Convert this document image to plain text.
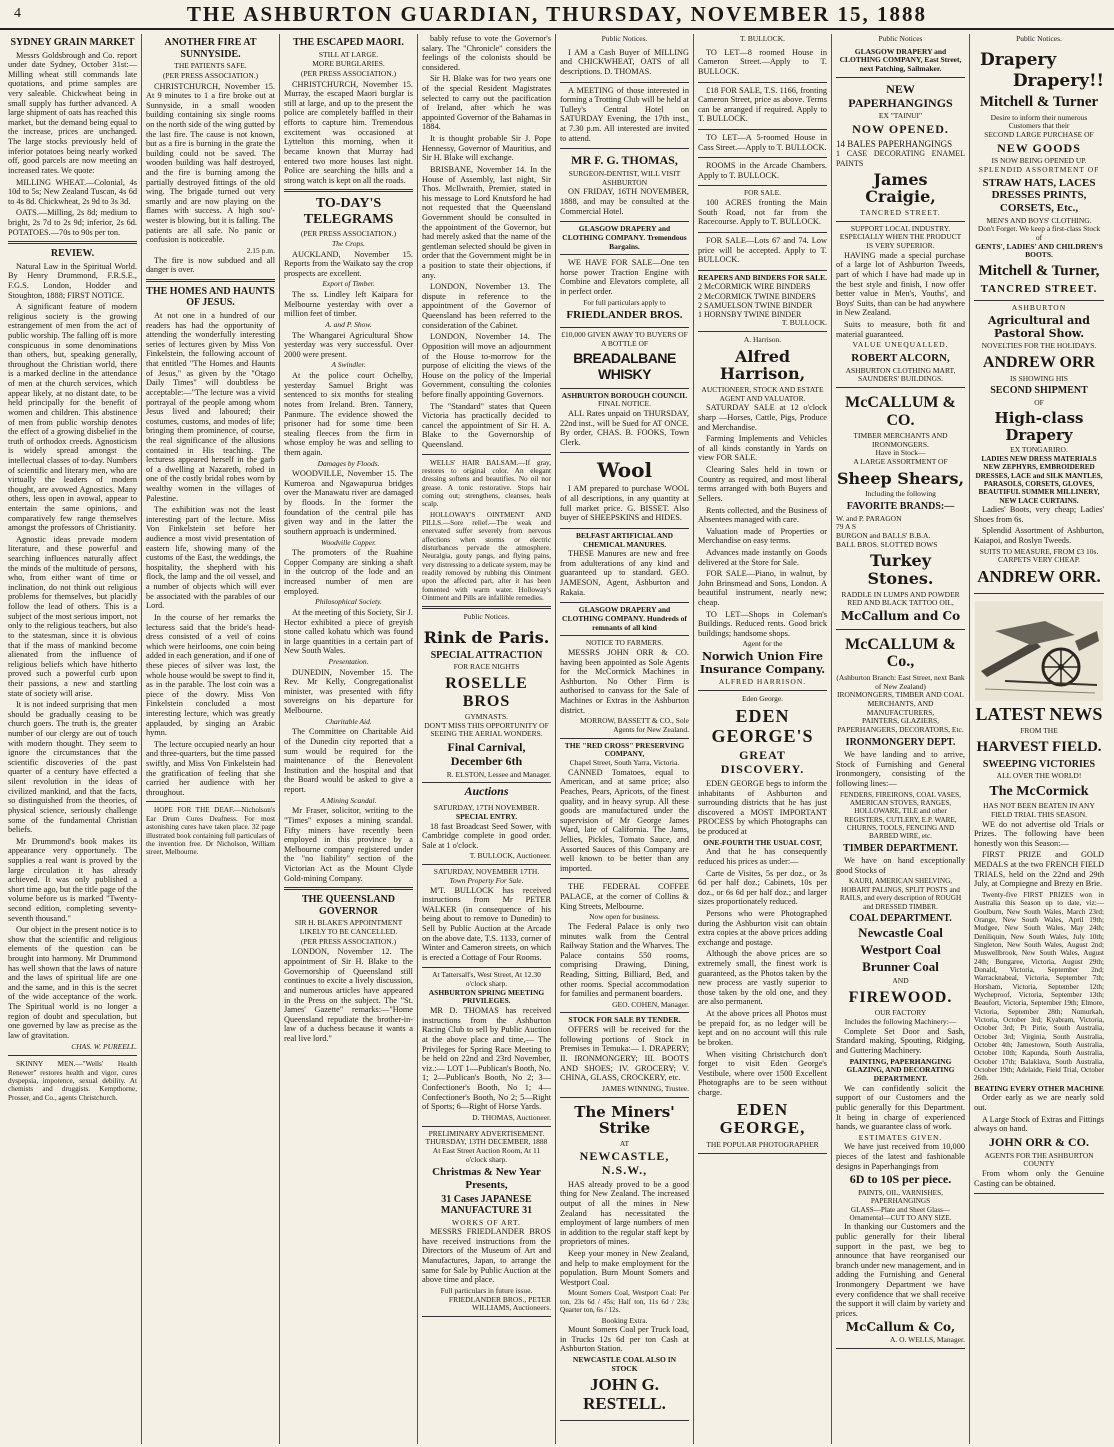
4	THE ASHBURTON GUARDIAN, THURSDAY, NOVEMBER 15, 1888
SYDNEY GRAIN MARKET

Messrs Goldsbrough and Co. report under date Sydney, October 31st:— Milling wheat still commands late quotations, and prime samples are very saleable. Chickwheat being in small supply has further advanced. A large shipment of oats has reached this market, but the demand being equal to the increase, prices are unchanged. The large stocks previously held of inferior potatoes being nearly worked off, good parcels are now meeting an increased rates. We quote:

MILLING WHEAT.—Colonial, 4s 10d to 5s; New Zealand Tuscan, 4s 6d to 4s 8d. Chickwheat, 2s 9d to 3s 3d.

OATS.—Milling, 2s 8d; medium to bright, 2s 7d to 2s 9d; inferior, 2s 6d. POTATOES.—70s to 90s per ton.

REVIEW.

Natural Law in the Spiritual World. By Henry Drummond, F.R.S.E., F.G.S. London, Hodder and Stoughton, 1888; FIRST NOTICE.

A significant feature of modern religious society is the growing estrangement of men from the act of public worship. The falling off is more conspicuous in some denominations than others, but, speaking generally, throughout the Christian world, there is a marked decline in the attendance of men at the church services, which appear likely, at no distant date, to be held principally for the benefit of women and children. This abstinence of men from public worship denotes the effect of a growing disbelief in the truth of orthodox creeds. Agnosticism is widely spread amongst the intellectual classes of to-day. Numbers of scientific and literary men, who are virtually the leaders of modern thought, are avowed Agnostics. Many others, less open in avowal, appear to entertain the same opinions, and comparatively few range themselves amongst the professors of Christianity.

Agnostic ideas prevade modern literature, and these powerful and searching influences naturally affect the minds of the multitude of persons, who, from either want of time or inclination, do not think out religious problems for themselves, but placidly follow the lead of others. This is a subject of the most serious import, not only to the religious teachers, but also to the statesman, since it is obvious that if the mass of mankind become alienated from the influence of religious beliefs which have hitherto proved such a powerful curb upon their passions, a new and startling state of society will arise.

It is not indeed surprising that men should be gradually ceasing to be church goers. The truth is, the greater number of our clergy are out of touch with modern thought. They seem to ignore the circumstances that the scientific discoveries of the past quarter of a century have effected a silent revolution in the ideas of civilized mankind, and that the facts, so distinguished from the theories, of physical science, seriously challenge some of the fundamental Christian beliefs.

Mr Drummond's book makes its appearance very opportunely. The supplies a real want is proved by the large circulation it has already achieved. It was only published a short time ago, but the title page of the volume before us is marked "Twenty-second edition, completing seventy-seventh thousand."

Our object in the present notice is to show that the scientific and religious elements of the question can be brought into harmony. Mr Drummond has well shown that the laws of nature and the laws of spiritual life are one and the same, and in this is the secret of the wide acceptance of the work. The Spiritual world is no longer a region of doubt and speculation, but one governed by law as precise as the law of gravitation.

CHAS. W. PUREELL.

SKINNY MEN.—"Wells' Health Renewer" restores health and vigor, cures dyspepsia, impotence, sexual debility. At chemists and druggists. Kempthorne, Prosser, and Co., agents Christchurch.

ANOTHER FIRE AT SUNNYSIDE.
THE PATIENTS SAFE.
(PER PRESS ASSOCIATION.)

CHRISTCHURCH, November 15. At 9 minutes to 1 a fire broke out at Sunnyside, in a small wooden building containing six single rooms on the north side of the wing gutted by the last fire. The cause is not known, but as a fire is burning in the grate the building could not be saved. The wooden building was half destroyed, and the fire is burning among the partially destroyed fittings of the old wing. The brigade turned out very smartly and are now playing on the flames with success. A high sou'-wester is blowing, but it is falling. The patients are all safe. No panic or confusion is noticeable.

2.15 p.m.

The fire is now subdued and all danger is over.

THE HOMES AND HAUNTS OF JESUS.

At not one in a hundred of our readers has had the opportunity of attending the wonderfully interesting series of lectures given by Miss Von Finkelstein, the following account of that entitled "The Homes and Haunts of Jesus," as given by the "Otago Daily Times" will doubtless be acceptable:—"The lecture was a vivid portrayal of the people among whom Jesus lived and laboured; their costumes, customs, and modes of life; bringing them prominence, of course, the real significance of the allusions contained in His teaching. The lecturess appeared herself in the garb of a dwelling at Nazareth, robed in one of the costly bridal robes worn by wealthy women in the villages of Palestine.

The exhibition was not the least interesting part of the lecture. Miss Von Finkelstein set before her audience a most vivid presentation of eastern life, showing many of the customs of the East, the weddings, the hospitality, the shepherd with his flock, the lamp and the oil vessel, and a number of objects which will ever be associated with the parables of our Lord.

In the course of her remarks the lecturess said that the bride's head-dress consisted of a veil of coins which were heirlooms, one coin being added in each generation, and if one of these pieces of silver was lost, the whole house would be swept to find it, as in the parable. The lost coin was a piece of the dowry. Miss Von Finkelstein concluded a most interesting lecture, which was greatly applauded, by singing an Arabic hymn.

The lecture occupied nearly an hour and three-quarters, but the time passed swiftly, and Miss Von Finkelstein had the gratification of feeling that she carried her audience with her throughout.

HOPE FOR THE DEAF.—Nicholson's Ear Drum Cures Deafness. For most astonishing cures have taken place. 32 page illustrated book containing full particulars of the invention free. Dr Nicholson, William street, Melbourne.

THE ESCAPED MAORI.
STILL AT LARGE.
MORE BURGLARIES.
(PER PRESS ASSOCIATION.)

CHRISTCHURCH, November 15. Murray, the escaped Maori burglar is still at large, and up to the present the police are completely baffled in their efforts to capture him. Tremendous excitement was occasioned at Lyttelton this morning, when it became known that Murray had entered two more houses last night. Police are searching the hills and a strong watch is kept on all the roads.

TO-DAY'S TELEGRAMS
(PER PRESS ASSOCIATION.)
The Crops.

AUCKLAND, November 15. Reports from the Waikato say the crop prospects are excellent.

Export of Timber.

The ss. Lindley left Kaipara for Melbourne yesterday with over a million feet of timber.

A. and P. Show.

The Whangarei Agricultural Show yesterday was very successful. Over 2000 were present.

A Swindler.

At the police court Ochelby, yesterday Samuel Bright was sentenced to six months for stealing notes from Ireland. Bren. Tannery, Panmure. The evidence showed the prisoner had for some time been stealing fleeces from the firm in whose employ he was and selling to them again.

Damages by Floods.

WOODVILLE, November 15. The Kumeroa and Ngawapurua bridges over the Manawatu river are damaged by floods. In the former the foundation of the central pile has given way and in the latter the southern approach is undermined.

Woodville Copper.

The promoters of the Ruahine Copper Company are sinking a shaft in the outcrop of the lode and an increased number of men are employed.

Philosophical Society.

At the meeting of this Society, Sir J. Hector exhibited a piece of greyish stone called kohatu which was found in large quantities in a certain part of New South Wales.

Presentation.

DUNEDIN, November 15. The Rev. Mr Kelly, Congregationalist minister, was presented with fifty sovereigns on his departure for Melbourne.

Charitable Aid.

The Committee on Charitable Aid of the Dunedin city reported that a sum would be required for the maintenance of the Benevolent Institution and the hospital and that the Board would be asked to give a report.

A Mining Scandal.

Mr Fraser, solicitor, writing to the "Times" exposes a mining scandal. Fifty miners have recently been employed in this province by a Melbourne company registered under the "no liability" section of the Victorian Act as the Mount Clyde Gold-mining Company.

THE QUEENSLAND GOVERNOR
SIR H. BLAKE'S APPOINTMENT LIKELY TO BE CANCELLED.
(PER PRESS ASSOCIATION.)

LONDON, November 12. The appointment of Sir H. Blake to the Governorship of Queensland still continues to excite a lively discussion, and numerous articles have appeared in the Press on the subject. The "St. James' Gazette" remarks:—"Home Queensland repudiate the brother-in-law of a duchess because it wants a real live lord."

bably refuse to vote the Governor's salary. The "Chronicle" considers the feelings of the colonists should be considered.

Sir H. Blake was for two years one of the special Resident Magistrates selected to carry out the pacification of Ireland, after which he was appointed Governor of the Bahamas in 1884.

It is thought probable Sir J. Pope Hennessy, Governor of Mauritius, and Sir H. Blake will exchange.

BRISBANE, November 14. In the House of Assembly, last night, Sir Thos. McIlwraith, Premier, stated in his message to Lord Knutsford he had not requested that the Queensland Government should be consulted in the appointment of the Governor, but had merely asked that the name of the gentleman selected should be given in order that the Government might be in a position to state their objections, if any.

LONDON, November 13. The dispute in reference to the appointment of the Governor of Queensland has been referred to the consideration of the Cabinet.

LONDON, November 14. The Opposition will move an adjournment of the House to-morrow for the purpose of eliciting the views of the House on the policy of the Imperial Government, consulting the colonies before finally appointing Governors.

The "Standard" states that Queen Victoria has practically decided to cancel the appointment of Sir H. A. Blake to the Governorship of Queensland.

WELLS' HAIR BALSAM.—If gray, restores to original color. An elegant dressing softens and beautifies. No oil nor grease. A tonic restorative. Stops hair coming out; strengthens, cleanses, heals scalp.

HOLLOWAY'S OINTMENT AND PILLS.—Sore relief.—The weak and enervated suffer severely from nervous affections when storms or electric disturbances pervade the atmosphere. Neuralgia, gouty pangs, and flying pains, very distressing to a delicate system, may be readily removed by rubbing this Ointment upon the affected part, after it has been fomented with warm water. Holloway's Ointment and Pills are infallible remedies.

Public Notices.
Rink de Paris.
SPECIAL ATTRACTION
FOR RACE NIGHTS
ROSELLE BROS
GYMNASTS.
DON'T MISS THIS OPPORTUNITY OF SEEING THE AERIAL WONDERS.
Final Carnival, December 6th
R. ELSTON, Lessee and Manager.
Auctions
SATURDAY, 17TH NOVEMBER.
SPECIAL ENTRY.

18 fast Broadcast Seed Sower, with Cambridge complete in good order. Sale at 1 o'clock.

T. BULLOCK, Auctioneer.
SATURDAY, NOVEMBER 17TH.
Town Property For Sale.

M'T. BULLOCK has received instructions from Mr PETER WALKER (in consequence of his being about to remove to Dunedin) to Sell by Public Auction at the Arcade on the above date, T.S. 1133, corner of Winter and Cameron streets, on which is erected a Cottage of Four Rooms.

At Tattersall's, West Street, At 12.30 o'clock sharp.
ASHBURTON SPRING MEETING PRIVILEGES.

MR D. THOMAS has received instructions from the Ashburton Racing Club to sell by Public Auction at the above place and time,— The Privileges for Spring Race Meeting to be held on 22nd and 23rd November, viz.:— LOT 1—Publican's Booth, No. 1; 2—Publican's Booth, No 2; 3—Confectioner's Booth, No 1; 4—Confectioner's Booth, No 2; 5—Right of Sports; 6—Right of Horse Yards.

D. THOMAS, Auctioneer.
PRELIMINARY ADVERTISEMENT.
THURSDAY, 13TH DECEMBER, 1888
At East Street Auction Room, At 11 o'clock sharp.
Christmas & New Year Presents,
31 Cases JAPANESE MANUFACTURE 31
WORKS OF ART.

MESSRS FRIEDLANDER BROS have received instructions from the Directors of the Museum of Art and Manufactures, Japan, to arrange the same for Sale by Public Auction at the above time and place.

Full particulars in future issue.
FRIEDLANDER BROS., PETER WILLIAMS, Auctioneers.
Public Notices.

I AM a Cash Buyer of MILLING and CHICKWHEAT, OATS of all descriptions. D. THOMAS.

A MEETING of those interested in forming a Trotting Club will be held at Tulley's Central Hotel on SATURDAY Evening, the 17th inst., at 7.30 p.m. All interested are invited to attend.

MR F. G. THOMAS,
SURGEON-DENTIST, WILL VISIT ASHBURTON

ON FRIDAY, 16TH NOVEMBER, 1888, and may be consulted at the Commercial Hotel.

GLASGOW DRAPERY and CLOTHING COMPANY. Tremendous Bargains.

WE HAVE FOR SALE—One ten horse power Traction Engine with Combine and Elevators complete, all in perfect order.

For full particulars apply to
FRIEDLANDER BROS.
£10,000 GIVEN AWAY TO BUYERS OF A BOTTLE OF
BREADALBANE WHISKY
ASHBURTON BOROUGH COUNCIL
FINAL NOTICE.

ALL Rates unpaid on THURSDAY, 22nd inst., will be Sued for AT ONCE. By order, CHAS. B. FOOKS, Town Clerk.

Wool

I AM prepared to purchase WOOL of all descriptions, in any quantity at full market price. G. BISSET. Also buyer of SHEEPSKINS and HIDES.

BELFAST ARTIFICIAL AND CHEMICAL MANURES.

THESE Manures are new and free from adulterations of any kind and guaranteed up to standard. GEO. JAMESON, Agent, Ashburton and Rakaia.

GLASGOW DRAPERY and CLOTHING COMPANY. Hundreds of remnants of all kind
NOTICE TO FARMERS.

MESSRS JOHN ORR & CO. having been appointed as Sole Agents for the McCormick Machines in Ashburton. No Other Firm is authorised to canvass for the Sale of Machines or Extras in the Ashburton district.

MORROW, BASSETT & CO., Sole Agents for New Zealand.
THE "RED CROSS" PRESERVING COMPANY,
Chapel Street, South Yarra, Victoria.

CANNED Tomatoes, equal to American, and at same price; also Peaches, Pears, Apricots, of the finest quality, and in heavy syrup. All these goods are manufactured under the supervision of Mr George James Ward, late of California. The Jams, Jellies, Pickles, Tomato Sauce, and Assorted Sauces of this Company are well known to be better than any imported.

THE FEDERAL COFFEE PALACE, at the corner of Collins & King Streets, Melbourne.

Now open for business.

The Federal Palace is only two minutes walk from the Central Railway Station and the Wharves. The Palace contains 550 rooms, comprising Drawing, Dining, Reading, Sitting, Billiard, Bed, and other rooms. Special accommodation for families and permanent boarders.

GEO. COHEN, Manager.
STOCK FOR SALE BY TENDER.

OFFERS will be received for the following portions of Stock in Premises in Temuka:— I. DRAPERY; II. IRONMONGERY; III. BOOTS AND SHOES; IV. GROCERY; V. CHINA, GLASS, CROCKERY, etc.

JAMES WINNING, Trustee.
The Miners' Strike
AT
NEWCASTLE, N.S.W.,

HAS already proved to be a good thing for New Zealand. The increased output of all the mines in New Zealand has necessitated the employment of large numbers of men in addition to the regular staff kept by proprietors of mines.

Keep your money in New Zealand, and help to make employment for the population. Burn Mount Somers and Westport Coal.

Mount Somers Coal, Westport Coal: Per ton, 23s 6d / 45s; Half ton, 11s 6d / 23s; Quarter ton, 6s / 12s.

Booking Extra.

Mount Somers Coal per Truck load, in Trucks 12s 6d per ton Cash at Ashburton Station.

NEWCASTLE COAL ALSO IN STOCK
JOHN G. RESTELL.
T. BULLOCK.

TO LET—8 roomed House in Cameron Street.—Apply to T. BULLOCK.

£18 FOR SALE, T.S. 1166, fronting Cameron Street, price as above. Terms can be arranged if required. Apply to T. BULLOCK.

TO LET—A 5-roomed House in Cass Street.—Apply to T. BULLOCK.

ROOMS in the Arcade Chambers. Apply to T. BULLOCK.

FOR SALE.

100 ACRES fronting the Main South Road, not far from the Racecourse. Apply to T. BULLOCK.

FOR SALE—Lots 67 and 74. Low price will be accepted. Apply to T. BULLOCK.

REAPERS AND BINDERS FOR SALE.
2 McCORMICK WIRE BINDERS
2 McCORMICK TWINE BINDERS
2 SAMUELSON TWINE BINDER
1 HORNSBY TWINE BINDER
T. BULLOCK.
A. Harrison.
Alfred Harrison,
AUCTIONEER, STOCK AND ESTATE AGENT AND VALUATOR.

SATURDAY SALE at 12 o'clock sharp —Horses, Cattle, Pigs, Produce and Merchandise.

Farming Implements and Vehicles of all kinds constantly in Yards on view FOR SALE.

Clearing Sales held in town or Country as required, and most liberal terms arranged with both Buyers and Sellers.

Rents collected, and the Business of Absentees managed with care.

Valuation made of Properties or Merchandise on easy terms.

Advances made instantly on Goods delivered at the Store for Sale.

FOR SALE—Piano, in walnut, by John Brinsmead and Sons, London. A beautiful instrument, nearly new; cheap.

TO LET—Shops in Coleman's Buildings. Reduced rents. Good brick buildings; handsome shops.

Agent for the
Norwich Union Fire Insurance Company.
ALFRED HARRISON.
Eden George.
EDEN GEORGE'S
GREAT DISCOVERY.

EDEN GEORGE begs to inform the inhabitants of Ashburton and surrounding districts that he has just discovered a MOST IMPORTANT PROCESS by which Photographs can be produced at

ONE-FOURTH THE USUAL COST,

And that he has consequently reduced his prices as under:—

Carte de Visites, 5s per doz., or 3s 6d per half doz.; Cabinets, 10s per doz., or 6s 6d per half doz.; and larger sizes proportionately reduced.

Persons who were Photographed during the Ashburton visit can obtain extra copies at the above prices adding exchange and postage.

Although the above prices are so extremely small, the finest work is guaranteed, as the Photos taken by the new process are vastly superior to those taken by the old one, and they are also permanent.

At the above prices all Photos must be prepaid for, as no ledger will be kept and on no account will this rule be broken.

When visiting Christchurch don't forget to visit Eden George's Vestibule, where over 1500 Excellent Photographs are to be seen without charge.

EDEN GEORGE,
THE POPULAR PHOTOGRAPHER
Public Notices
GLASGOW DRAPERY and CLOTHING COMPANY, East Street, next Patching, Sailmaker.
NEW PAPERHANGINGS
EX "TAINUI"
NOW OPENED.
14 BALES PAPERHANGINGS
1 CASE DECORATING ENAMEL PAINTS
James Craigie,
TANCRED STREET.
SUPPORT LOCAL INDUSTRY.
ESPECIALLY WHEN THE PRODUCT IS VERY SUPERIOR.

HAVING made a special purchase of a large lot of Ashburton Tweeds, part of which I have had made up in the best style and finish, I now offer better value in Men's, Youths', and Boys' Suits, than can be had anywhere in New Zealand.

Suits to measure, both fit and material guaranteed.

VALUE UNEQUALLED.
ROBERT ALCORN,
ASHBURTON CLOTHING MART,
SAUNDERS' BUILDINGS.
McCALLUM & CO.
TIMBER MERCHANTS AND IRONMONGERS.
Have in Stock—
A LARGE ASSORTMENT OF
Sheep Shears,
Including the following
FAVORITE BRANDS:—
W. and P. PARAGON
79 A S
BURGON and BALLS' B.B.A.
BALL BROS. SLOTTED BOWS
Turkey Stones.
RADDLE IN LUMPS AND POWDER
RED AND BLACK TATTOO OIL,
McCallum and Co
McCALLUM & Co.,
(Ashburton Branch: East Street, next Bank of New Zealand)
IRONMONGERS, TIMBER AND COAL MERCHANTS, AND MANUFACTURERS,
PAINTERS, GLAZIERS, PAPERHANGERS, DECORATORS, Etc.
IRONMONGERY DEPT.

We have landing and to arrive, Stock of Furnishing and General Ironmongery, consisting of the following lines:—

FENDERS, FIREIRONS, COAL VASES, AMERICAN STOVES, RANGES, HOLLOWARE, TILE and other REGISTERS, CUTLERY, E.P. WARE, CHURNS, TOOLS, FENCING AND BARBED WIRE, etc.
TIMBER DEPARTMENT.

We have on hand exceptionally good Stocks of

KAURI, AMERICAN SHELVING, HOBART PALINGS, SPLIT POSTS and RAILS, and every description of ROUGH and DRESSED TIMBER.
COAL DEPARTMENT.
Newcastle Coal
Westport Coal
Brunner Coal
AND
FIREWOOD.
OUR FACTORY
Includes the following Machinery:—

Complete Set Door and Sash, Standard making, Spouting, Ridging, and Guttering Machinery.

PAINTING, PAPERHANGING GLAZING, AND DECORATING DEPARTMENT.

We can confidently solicit the support of our Customers and the public generally for this Department. It being in charge of experienced hands, we guarantee class of work.

ESTIMATES GIVEN.

We have just received from 10,000 pieces of the latest and fashionable designs in Paperhangings from

6D to 10S per piece.
PAINTS, OIL, VARNISHES, PAPERHANGINGS
GLASS—Plate and Sheet Glass—Ornamental—CUT TO ANY SIZE.

In thanking our Customers and the public generally for their liberal support in the past, we beg to announce that have reorganised our branch under new management, and in adding the Furnishing and General Ironmongery Department we have every confidence that we shall receive the support it will claim by variety and prices.

McCallum & Co,
A. O. WELLS, Manager.
Public Notices.
Drapery
Drapery!!
Mitchell & Turner
Desire to inform their numerous Customers that their
SECOND LARGE PURCHASE OF
NEW GOODS
IS NOW BEING OPENED UP.
SPLENDID ASSORTMENT OF
STRAW HATS, LACES DRESSES PRINTS, CORSETS, Etc.,
MEN'S AND BOYS' CLOTHING.
Don't Forget. We keep a first-class Stock of
GENTS', LADIES' AND CHILDREN'S BOOTS.
Mitchell & Turner,
TANCRED STREET.
ASHBURTON
Agricultural and Pastoral Show.
NOVELTIES FOR THE HOLIDAYS.
ANDREW ORR
IS SHOWING HIS
SECOND SHIPMENT
OF
High-class Drapery
EX TONGARIRO.
LADIES NEW DRESS MATERIALS NEW ZEPHYRS, EMBROIDERED DRESSES, LACE and SILK MANTLES, PARASOLS, CORSETS, GLOVES, BEAUTIFUL SUMMER MILLINERY, NEW LACE CURTAINS.

Ladies' Boots, very cheap; Ladies' Shoes from 6s.

Splendid Assortment of Ashburton, Kaiapoi, and Roslyn Tweeds.

SUITS TO MEASURE, FROM £3 10s.
CARPETS VERY CHEAP.
ANDREW ORR.
LATEST NEWS
FROM THE
HARVEST FIELD.
SWEEPING VICTORIES
ALL OVER THE WORLD!
The McCormick
HAS NOT BEEN BEATEN IN ANY FIELD TRIAL THIS SEASON.

WE do not advertise old Trials or Prizes. The following have been honestly won this Season:—

FIRST PRIZE and GOLD MEDALS at the two FRENCH FIELD TRIALS, held on the 22nd and 29th July, at Compiegne and Brezy en Brie.

Twenty-five FIRST PRIZES won in Australia this Season up to date, viz:— Goulburn, New South Wales, March 23rd; Orange, New South Wales, April 19th; Mudgee, New South Wales, May 24th; Deniliquin, New South Wales, July 10th; Singleton, New South Wales, August 2nd; Muswellbrook, New South Wales, August 24th; Bungaree, Victoria, August 29th; Donald, Victoria, September 2nd; Warracknabeal, Victoria, September 7th; Horsham, Victoria, September 12th; Wycheproof, Victoria, September 13th; Beaufort, Victoria, September 19th; Elmore, Victoria, September 28th; Numurkah, Victoria, October 3rd; Kyabram, Victoria, October 3rd; Pt Pirie, South Australia, October 3rd; Virginia, South Australia, October 4th; Jamestown, South Australia, October 10th; Kapunda, South Australia, October 17th; Balaklava, South Australia, October 19th; Adelaide, Field Trial, October 26th.

BEATING EVERY OTHER MACHINE

Order early as we are nearly sold out.

A Large Stock of Extras and Fittings always on hand.

JOHN ORR & CO.
AGENTS FOR THE ASHBURTON COUNTY

From whom only the Genuine Casting can be obtained.
